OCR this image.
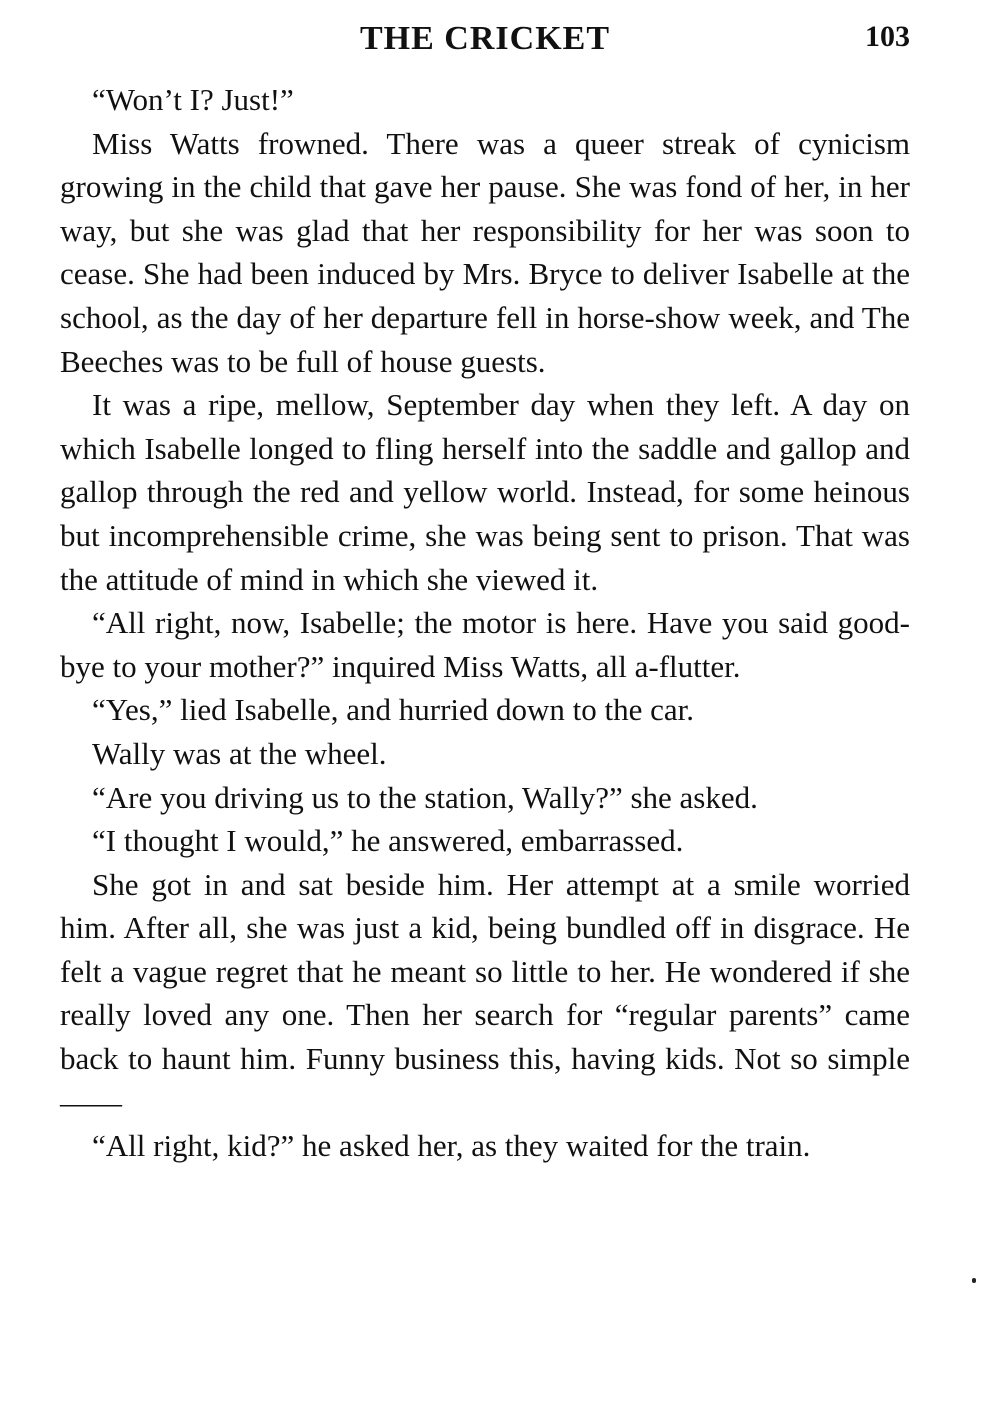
THE CRICKET	103

“Won’t I? Just!”

Miss Watts frowned. There was a queer streak of cynicism growing in the child that gave her pause. She was fond of her, in her way, but she was glad that her responsibility for her was soon to cease. She had been induced by Mrs. Bryce to deliver Isabelle at the school, as the day of her departure fell in horse-show week, and The Beeches was to be full of house guests.

It was a ripe, mellow, September day when they left. A day on which Isabelle longed to fling herself into the saddle and gallop and gallop through the red and yellow world. Instead, for some heinous but incomprehensible crime, she was being sent to prison. That was the attitude of mind in which she viewed it.

“All right, now, Isabelle; the motor is here. Have you said good-bye to your mother?” inquired Miss Watts, all a-flutter.

“Yes,” lied Isabelle, and hurried down to the car.

Wally was at the wheel.

“Are you driving us to the station, Wally?” she asked.

“I thought I would,” he answered, embarrassed.

She got in and sat beside him. Her attempt at a smile worried him. After all, she was just a kid, being bundled off in disgrace. He felt a vague regret that he meant so little to her. He wondered if she really loved any one. Then her search for “regular parents” came back to haunt him. Funny business this, having kids. Not so simple——

“All right, kid?” he asked her, as they waited for the train.
